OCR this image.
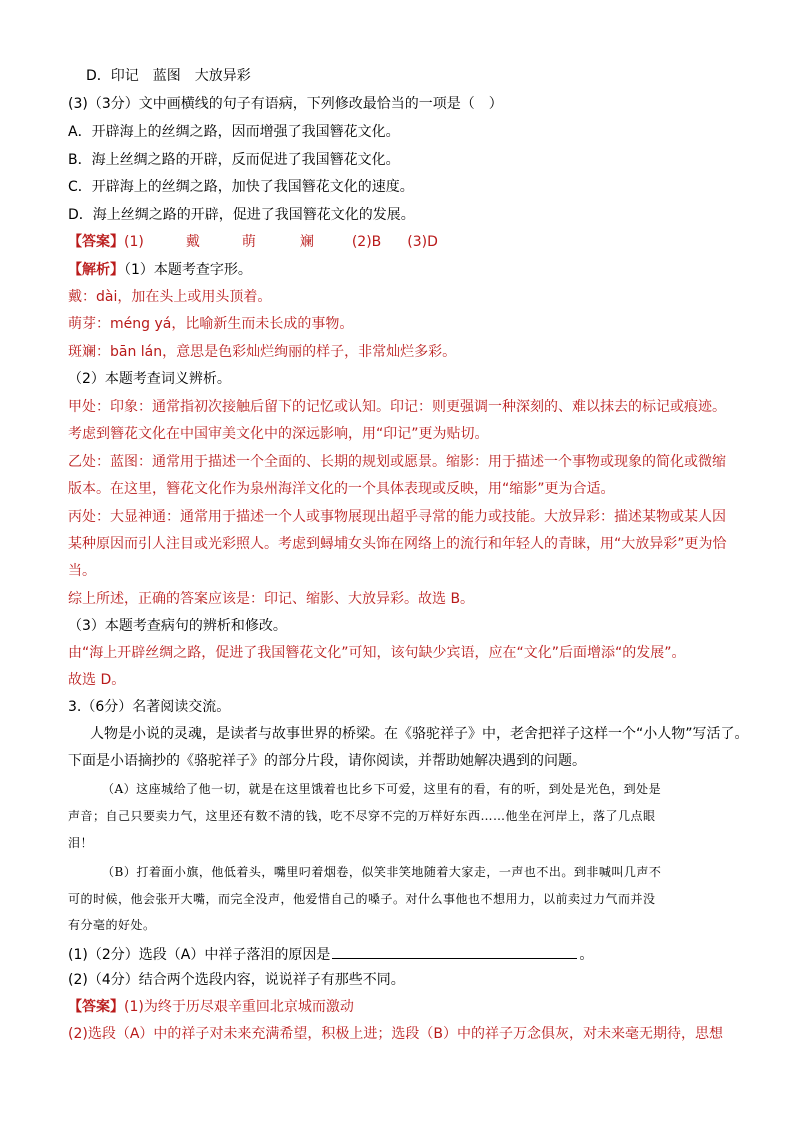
D．印记　蓝图　大放异彩
(3)（3分）文中画横线的句子有语病，下列修改最恰当的一项是（　）
A．开辟海上的丝绸之路，因而增强了我国簪花文化。
B．海上丝绸之路的开辟，反而促进了我国簪花文化。
C．开辟海上的丝绸之路，加快了我国簪花文化的速度。
D．海上丝绸之路的开辟，促进了我国簪花文化的发展。
【答案】(1)	戴	萌	斓	(2)B (3)D
【解析】（1）本题考查字形。
戴：dài，加在头上或用头顶着。
萌芽：méng yá，比喻新生而未长成的事物。
斑斓：bān lán，意思是色彩灿烂绚丽的样子，非常灿烂多彩。
（2）本题考查词义辨析。
甲处：印象：通常指初次接触后留下的记忆或认知。印记：则更强调一种深刻的、难以抹去的标记或痕迹。
考虑到簪花文化在中国审美文化中的深远影响，用“印记”更为贴切。
乙处：蓝图：通常用于描述一个全面的、长期的规划或愿景。缩影：用于描述一个事物或现象的简化或微缩
版本。在这里，簪花文化作为泉州海洋文化的一个具体表现或反映，用“缩影”更为合适。
丙处：大显神通：通常用于描述一个人或事物展现出超乎寻常的能力或技能。大放异彩：描述某物或某人因
某种原因而引人注目或光彩照人。考虑到蟳埔女头饰在网络上的流行和年轻人的青睐，用“大放异彩”更为恰
当。
综上所述，正确的答案应该是：印记、缩影、大放异彩。故选 B。
（3）本题考查病句的辨析和修改。
由“海上开辟丝绸之路，促进了我国簪花文化”可知，该句缺少宾语，应在“文化”后面增添“的发展”。
故选 D。
3.（6分）名著阅读交流。
人物是小说的灵魂，是读者与故事世界的桥梁。在《骆驼祥子》中，老舍把祥子这样一个“小人物”写活了。
下面是小语摘抄的《骆驼祥子》的部分片段，请你阅读，并帮助她解决遇到的问题。
（A）这座城给了他一切，就是在这里饿着也比乡下可爱，这里有的看，有的听，到处是光色，到处是
声音；自己只要卖力气，这里还有数不清的钱，吃不尽穿不完的万样好东西……他坐在河岸上，落了几点眼
泪！
（B）打着面小旗，他低着头，嘴里叼着烟卷，似笑非笑地随着大家走，一声也不出。到非喊叫几声不
可的时候，他会张开大嘴，而完全没声，他爱惜自己的嗓子。对什么事他也不想用力，以前卖过力气而并没
有分毫的好处。
(1)（2分）选段（A）中祥子落泪的原因是	。
(2)（4分）结合两个选段内容，说说祥子有那些不同。
【答案】(1)为终于历尽艰辛重回北京城而激动
(2)选段（A）中的祥子对未来充满希望，积极上进；选段（B）中的祥子万念俱灰，对未来毫无期待，思想
